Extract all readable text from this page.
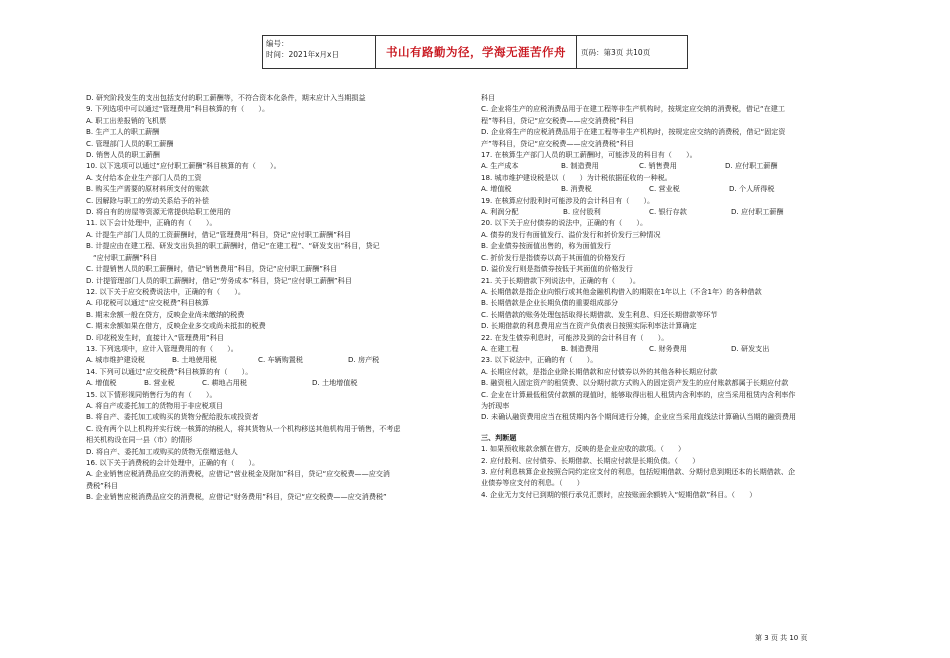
编号：
时间：2021年x月x日	书山有路勤为径，学海无涯苦作舟	页码：第3页 共10页
D. 研究阶段发生的支出包括支付的职工薪酬等，不符合资本化条件，期末应计入当期损益
9. 下列选项中可以通过“管理费用”科目核算的有（　　）。
A. 职工出差报销的飞机票
B. 生产工人的职工薪酬
C. 管理部门人员的职工薪酬
D. 销售人员的职工薪酬
10. 以下选项可以通过“应付职工薪酬”科目核算的有（　　）。
A. 支付给本企业生产部门人员的工资
B. 购买生产需要的原材料所支付的账款
C. 因解除与职工的劳动关系给予的补偿
D. 将自有的房屋等资源无常提供给职工使用的
11. 以下会计处理中，正确的有（　　）。
A. 计提生产部门人员的工资薪酬时，借记“管理费用”科目，贷记“应付职工薪酬”科目
B. 计提应由在建工程、研发支出负担的职工薪酬时，借记“在建工程”、“研发支出”科目，贷记
“应付职工薪酬”科目
C. 计提销售人员的职工薪酬时，借记“销售费用”科目，贷记“应付职工薪酬”科目
D. 计提管理部门人员的职工薪酬时，借记“劳务成本”科目，贷记“应付职工薪酬”科目
12. 以下关于应交税费说法中，正确的有（　　）。
A. 印花税可以通过“应交税费”科目核算
B. 期末余额一般在贷方，反映企业尚未缴纳的税费
C. 期末余额如果在借方，反映企业多交或尚未抵扣的税费
D. 印花税发生时，直接计入“管理费用”科目
13. 下列选项中，应计入管理费用的有（　　）。
A. 城市维护建设税	B. 土地使用税	C. 车辆购置税	D. 房产税
14. 下列可以通过“应交税费”科目核算的有（　　）。
A. 增值税	B. 营业税	C. 耕地占用税	D. 土地增值税
15. 以下情形视同销售行为的有（　　）。
A. 将自产或委托加工的货物用于非应税项目
B. 将自产、委托加工或购买的货物分配给股东或投资者
C. 设有两个以上机构并实行统一核算的纳税人，将其货物从一个机构移送其他机构用于销售，不考虑
相关机构设在同一县（市）的情形
D. 将自产、委托加工或购买的货物无偿赠送他人
16. 以下关于消费税的会计处理中，正确的有（　　）。
A. 企业销售应税消费品应交的消费税，应借记“营业税金及附加”科目，贷记“应交税费——应交消
费税”科目
B. 企业销售应税消费品应交的消费税，应借记“财务费用”科目，贷记“应交税费——应交消费税”
科目
C. 企业将生产的应税消费品用于在建工程等非生产机构时，按规定应交纳的消费税，借记“在建工
程”等科目，贷记“应交税费——应交消费税”科目
D. 企业将生产的应税消费品用于在建工程等非生产机构时，按规定应交纳的消费税，借记“固定资
产”等科目，贷记“应交税费——应交消费税”科目
17. 在核算生产部门人员的职工薪酬时，可能涉及的科目有（　　）。
A. 生产成本	B. 制造费用	C. 销售费用	D. 应付职工薪酬
18. 城市维护建设税是以（　　）为计税依据征收的一种税。
A. 增值税	B. 消费税	C. 营业税	D. 个人所得税
19. 在核算应付股利时可能涉及的会计科目有（　　）。
A. 利润分配	B. 应付股利	C. 银行存款	D. 应付职工薪酬
20. 以下关于应付债券的说法中，正确的有（　　）。
A. 债券的发行有面值发行、溢价发行和折价发行三种情况
B. 企业债券按面值出售的，称为面值发行
C. 折价发行是指债券以高于其面值的价格发行
D. 溢价发行则是指债券按低于其面值的价格发行
21. 关于长期借款下列说法中，正确的有（　　）。
A. 长期借款是指企业向银行或其他金融机构借入的期限在1年以上（不含1年）的各种借款
B. 长期借款是企业长期负债的重要组成部分
C. 长期借款的账务处理包括取得长期借款、发生利息、归还长期借款等环节
D. 长期借款的利息费用应当在资产负债表日按照实际利率法计算确定
22. 在发生债券利息时，可能涉及到的会计科目有（　　）。
A. 在建工程	B. 制造费用	C. 财务费用	D. 研发支出
23. 以下说法中，正确的有（　　）。
A. 长期应付款，是指企业除长期借款和应付债券以外的其他各种长期应付款
B. 融资租入固定资产的租赁费、以分期付款方式购入的固定资产发生的应付账款都属于长期应付款
C. 企业在计算最低租赁付款额的现值时，能够取得出租人租赁内含利率的，应当采用租赁内含利率作
为折现率
D. 未确认融资费用应当在租赁期内各个期间进行分摊，企业应当采用直线法计算确认当期的融资费用
三、判断题
1. 如果预收账款余额在借方，反映的是企业应收的款项。（　　）
2. 应付股利、应付债券、长期借款、长期应付款是长期负债。（　　）
3. 应付利息核算企业按照合同约定应支付的利息，包括短期借款、分期付息到期还本的长期借款、企
业债券等应支付的利息。（　　）
4. 企业无力支付已到期的银行承兑汇票时，应按账面余额转入“短期借款”科目。（　　）
第 3 页 共 10 页
